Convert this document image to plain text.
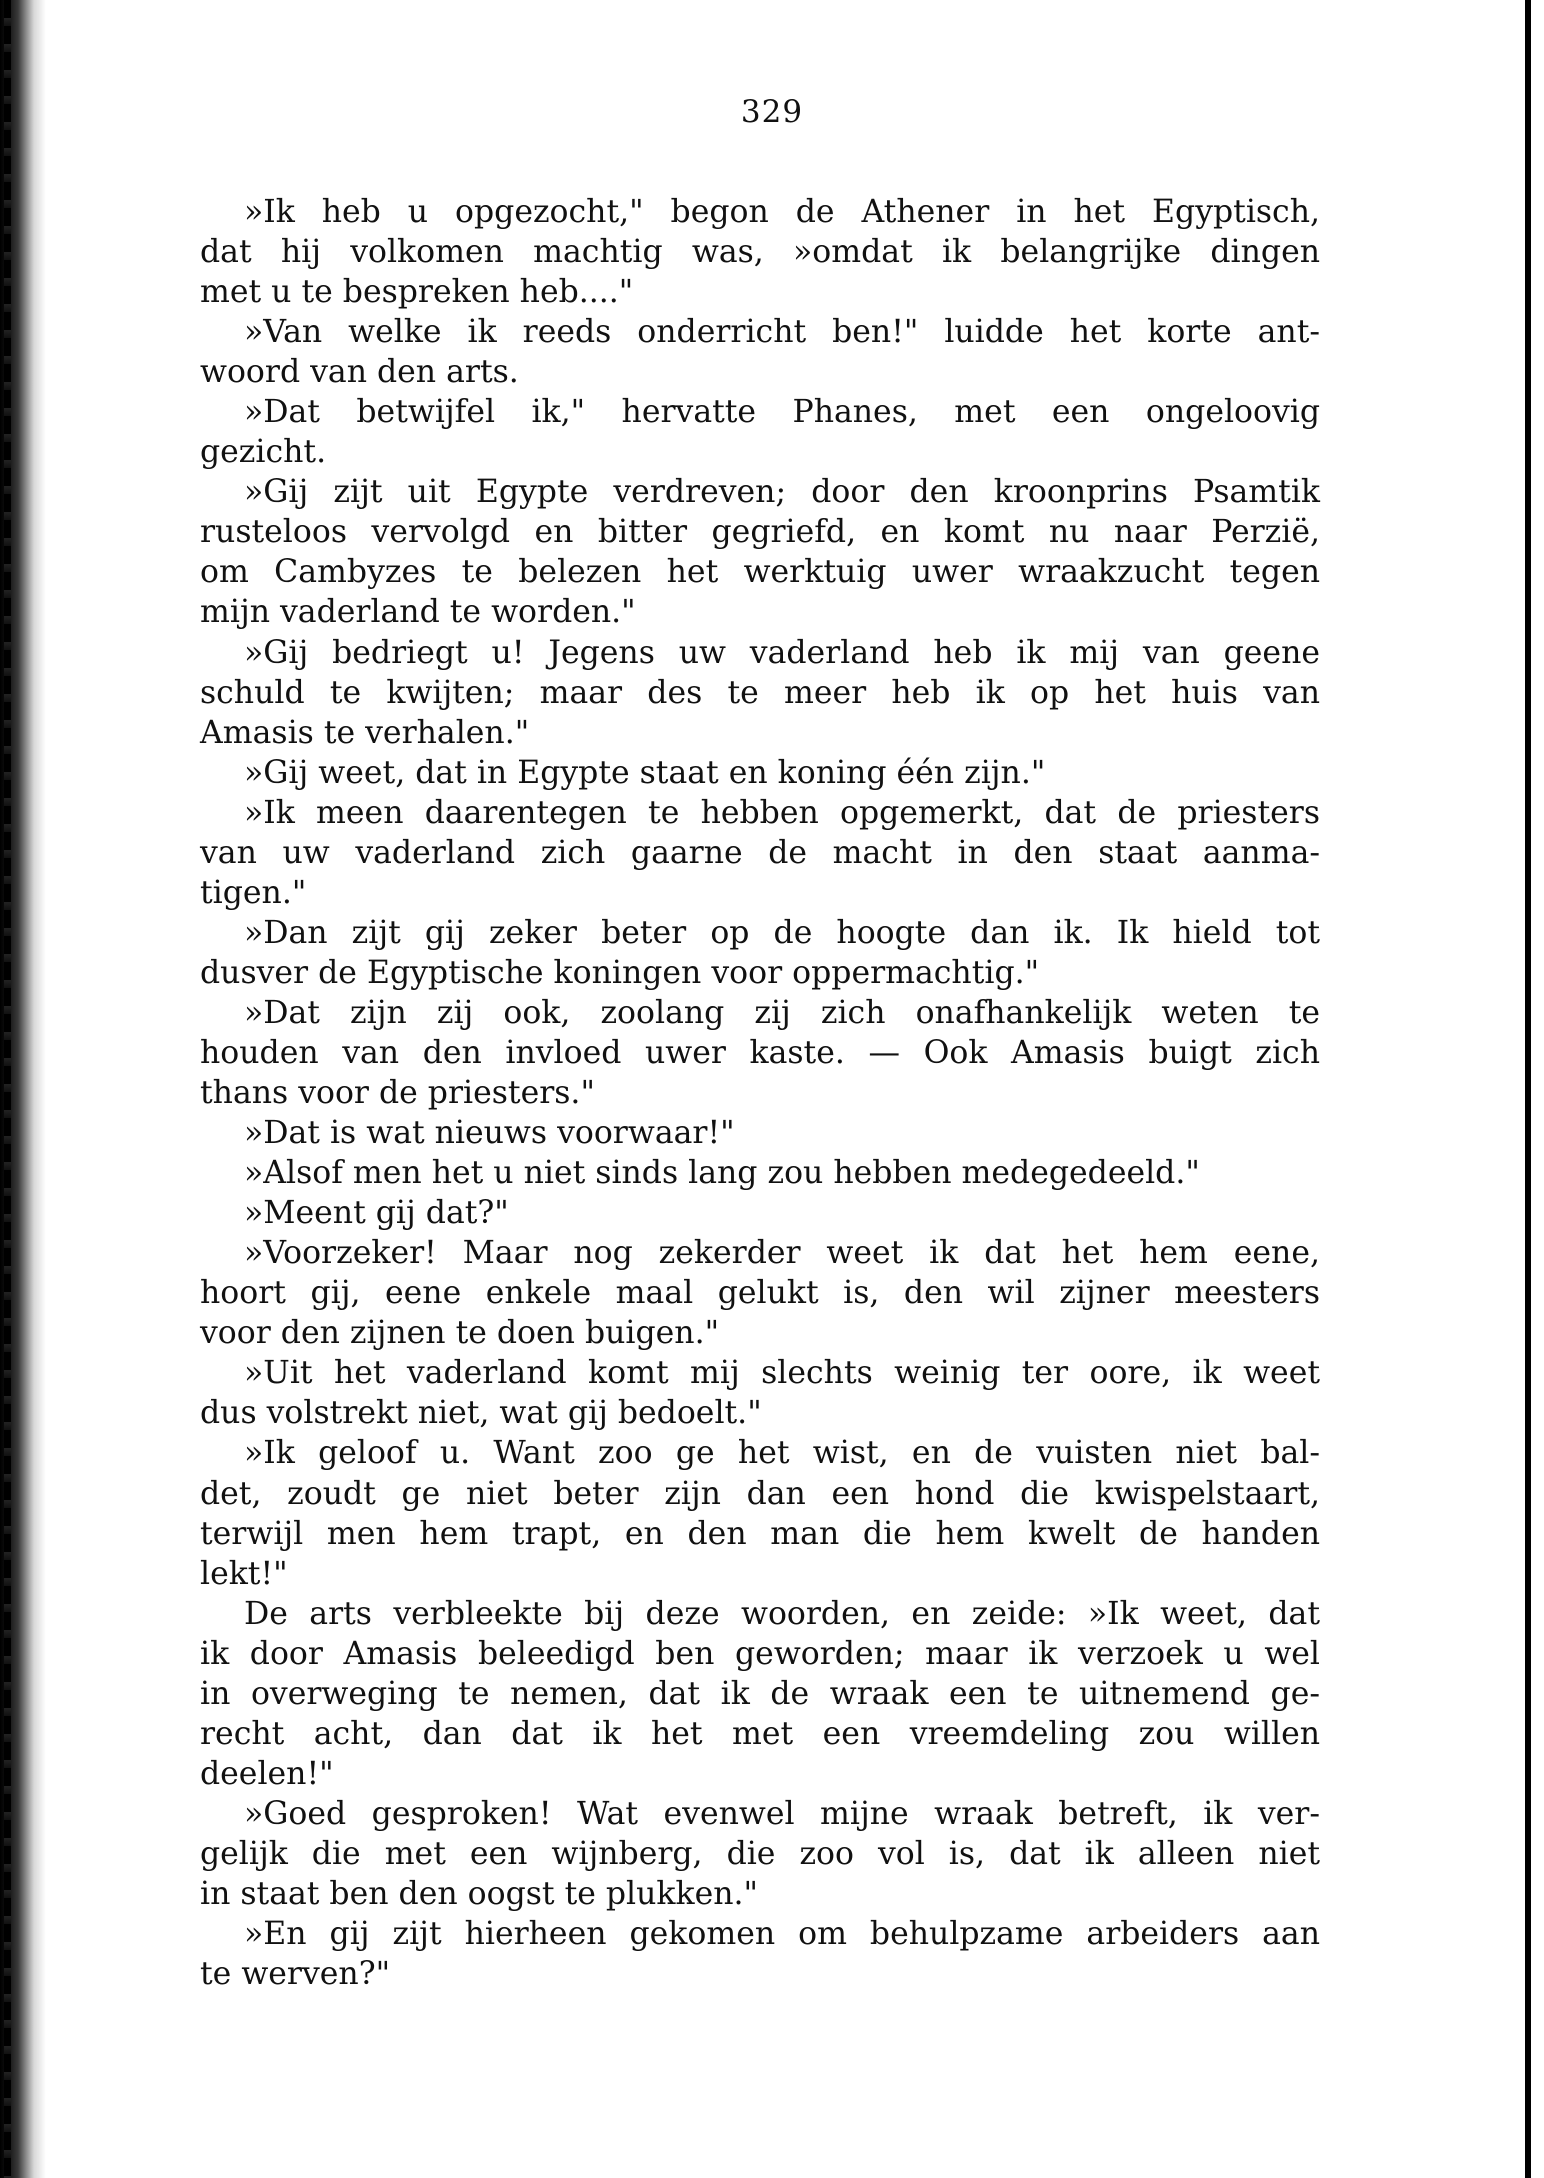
329
»Ik heb u opgezocht," begon de Athener in het Egyptisch,
dat hij volkomen machtig was, »omdat ik belangrijke dingen
met u te bespreken heb...."
»Van welke ik reeds onderricht ben!" luidde het korte ant-
woord van den arts.
»Dat betwijfel ik," hervatte Phanes, met een ongeloovig
gezicht.
»Gij zijt uit Egypte verdreven; door den kroonprins Psamtik
rusteloos vervolgd en bitter gegriefd, en komt nu naar Perzië,
om Cambyzes te belezen het werktuig uwer wraakzucht tegen
mijn vaderland te worden."
»Gij bedriegt u! Jegens uw vaderland heb ik mij van geene
schuld te kwijten; maar des te meer heb ik op het huis van
Amasis te verhalen."
»Gij weet, dat in Egypte staat en koning één zijn."
»Ik meen daarentegen te hebben opgemerkt, dat de priesters
van uw vaderland zich gaarne de macht in den staat aanma-
tigen."
»Dan zijt gij zeker beter op de hoogte dan ik. Ik hield tot
dusver de Egyptische koningen voor oppermachtig."
»Dat zijn zij ook, zoolang zij zich onafhankelijk weten te
houden van den invloed uwer kaste. — Ook Amasis buigt zich
thans voor de priesters."
»Dat is wat nieuws voorwaar!"
»Alsof men het u niet sinds lang zou hebben medegedeeld."
»Meent gij dat?"
»Voorzeker! Maar nog zekerder weet ik dat het hem eene,
hoort gij, eene enkele maal gelukt is, den wil zijner meesters
voor den zijnen te doen buigen."
»Uit het vaderland komt mij slechts weinig ter oore, ik weet
dus volstrekt niet, wat gij bedoelt."
»Ik geloof u. Want zoo ge het wist, en de vuisten niet bal-
det, zoudt ge niet beter zijn dan een hond die kwispelstaart,
terwijl men hem trapt, en den man die hem kwelt de handen
lekt!"
De arts verbleekte bij deze woorden, en zeide: »Ik weet, dat
ik door Amasis beleedigd ben geworden; maar ik verzoek u wel
in overweging te nemen, dat ik de wraak een te uitnemend ge-
recht acht, dan dat ik het met een vreemdeling zou willen
deelen!"
»Goed gesproken! Wat evenwel mijne wraak betreft, ik ver-
gelijk die met een wijnberg, die zoo vol is, dat ik alleen niet
in staat ben den oogst te plukken."
»En gij zijt hierheen gekomen om behulpzame arbeiders aan
te werven?"
